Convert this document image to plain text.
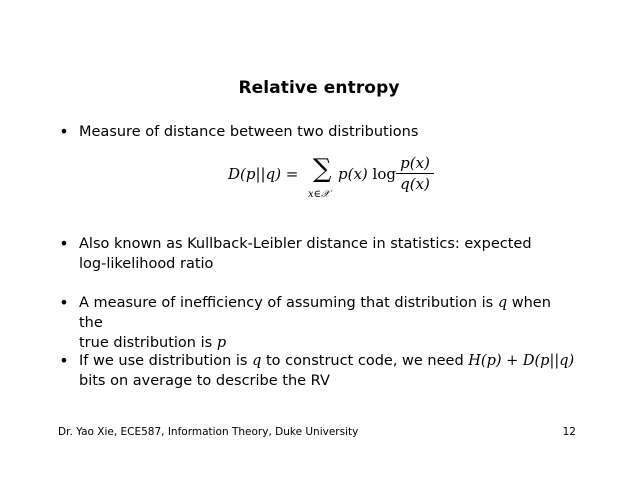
Relative entropy
• Measure of distance between two distributions
D(p||q) = ∑
x∈𝒳
p(x) log
p(x)
q(x)
• Also known as Kullback-Leibler distance in statistics: expected
log-likelihood ratio
• A measure of inefficiency of assuming that distribution is q when the
true distribution is p
• If we use distribution is q to construct code, we need H(p) + D(p||q)
bits on average to describe the RV
Dr. Yao Xie, ECE587, Information Theory, Duke University	12
